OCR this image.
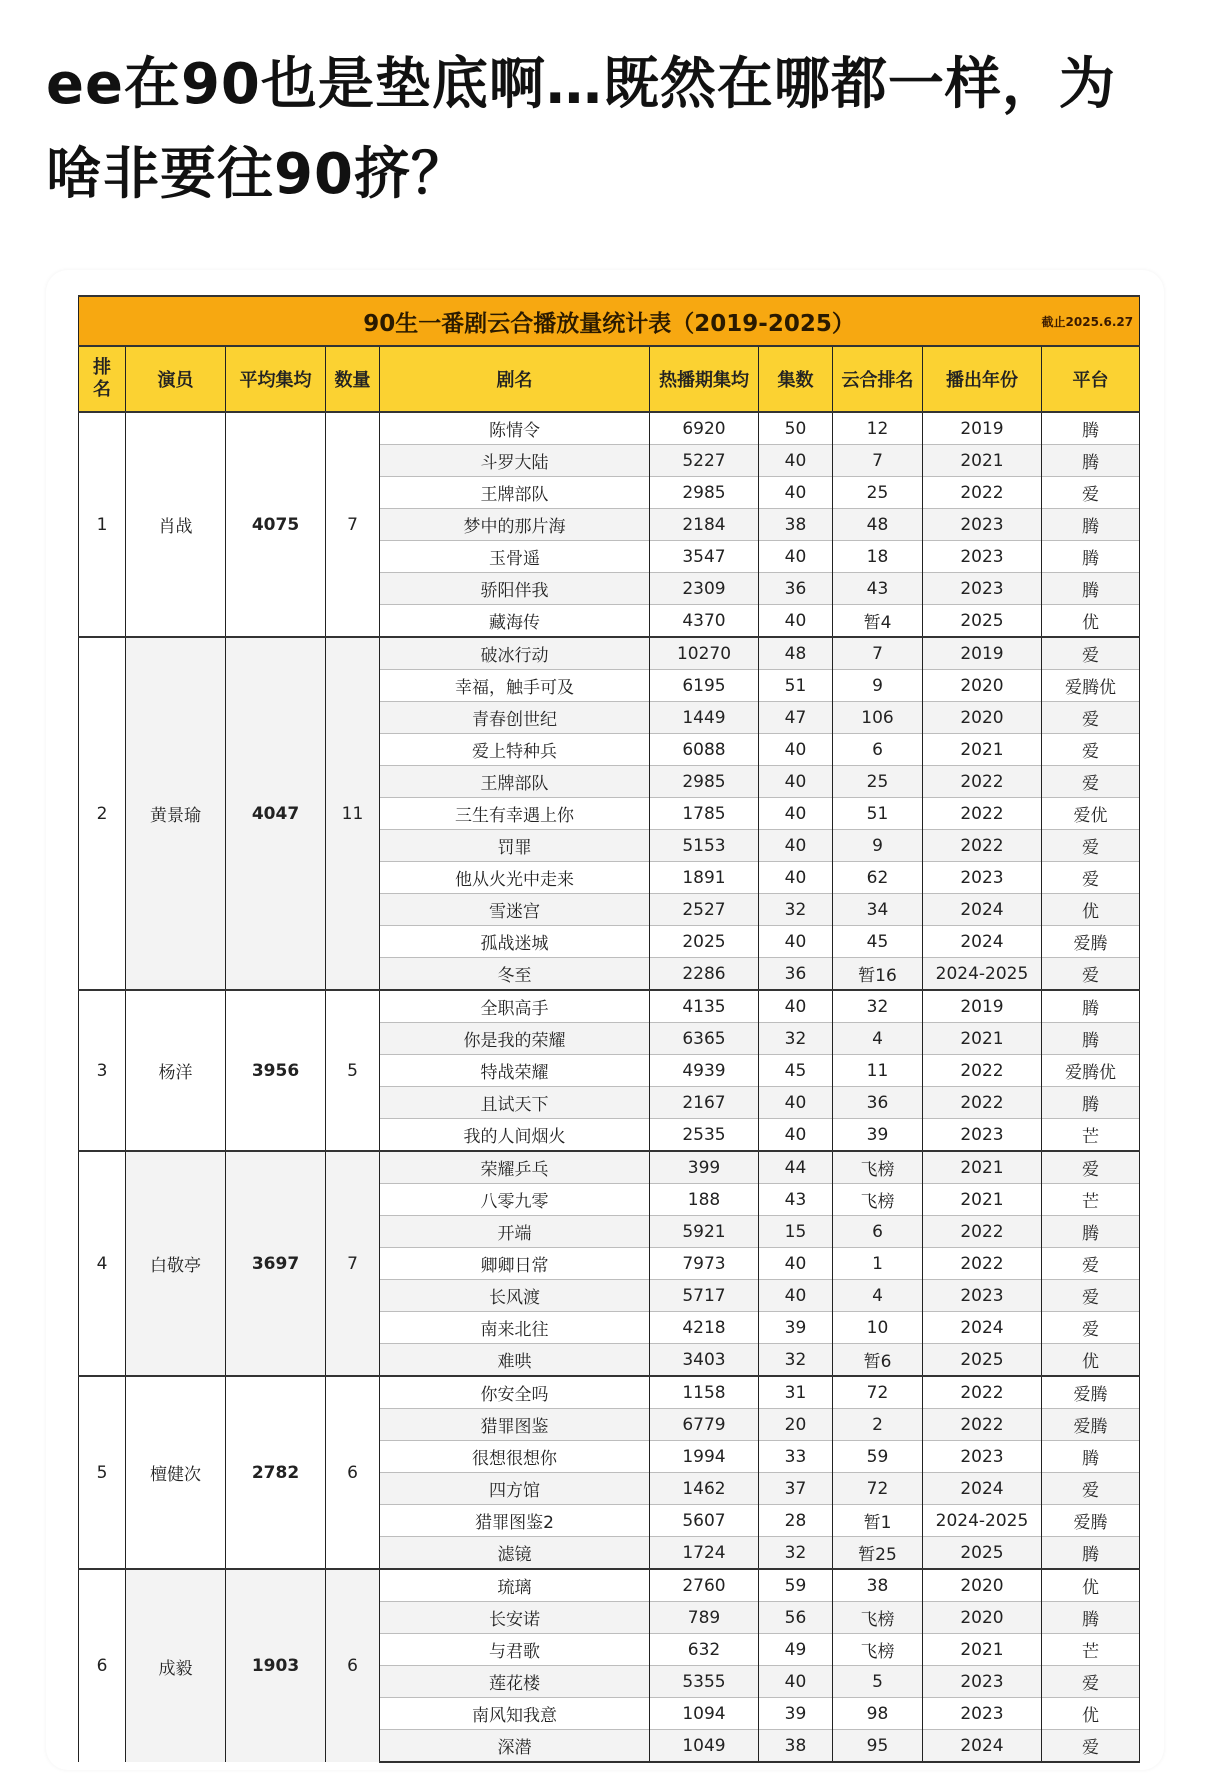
ee在90也是垫底啊…既然在哪都一样，为啥非要往90挤？
90生一番剧云合播放量统计表（2019-2025） 截止2025.6.27									

排
名	演员	平均集均	数量	剧名	热播期集均	集数	云合排名	播出年份	平台
1	肖战	4075	7	陈情令	6920	50	12	2019	腾
				斗罗大陆	5227	40	7	2021	腾
				王牌部队	2985	40	25	2022	爱
				梦中的那片海	2184	38	48	2023	腾
				玉骨遥	3547	40	18	2023	腾
				骄阳伴我	2309	36	43	2023	腾
				藏海传	4370	40	暂4	2025	优
2	黄景瑜	4047	11	破冰行动	10270	48	7	2019	爱
				幸福，触手可及	6195	51	9	2020	爱腾优
				青春创世纪	1449	47	106	2020	爱
				爱上特种兵	6088	40	6	2021	爱
				王牌部队	2985	40	25	2022	爱
				三生有幸遇上你	1785	40	51	2022	爱优
				罚罪	5153	40	9	2022	爱
				他从火光中走来	1891	40	62	2023	爱
				雪迷宫	2527	32	34	2024	优
				孤战迷城	2025	40	45	2024	爱腾
				冬至	2286	36	暂16	2024-2025	爱
3	杨洋	3956	5	全职高手	4135	40	32	2019	腾
				你是我的荣耀	6365	32	4	2021	腾
				特战荣耀	4939	45	11	2022	爱腾优
				且试天下	2167	40	36	2022	腾
				我的人间烟火	2535	40	39	2023	芒
4	白敬亭	3697	7	荣耀乒乓	399	44	飞榜	2021	爱
				八零九零	188	43	飞榜	2021	芒
				开端	5921	15	6	2022	腾
				卿卿日常	7973	40	1	2022	爱
				长风渡	5717	40	4	2023	爱
				南来北往	4218	39	10	2024	爱
				难哄	3403	32	暂6	2025	优
5	檀健次	2782	6	你安全吗	1158	31	72	2022	爱腾
				猎罪图鉴	6779	20	2	2022	爱腾
				很想很想你	1994	33	59	2023	腾
				四方馆	1462	37	72	2024	爱
				猎罪图鉴2	5607	28	暂1	2024-2025	爱腾
				滤镜	1724	32	暂25	2025	腾
6	成毅	1903	6	琉璃	2760	59	38	2020	优
				长安诺	789	56	飞榜	2020	腾
				与君歌	632	49	飞榜	2021	芒
				莲花楼	5355	40	5	2023	爱
				南风知我意	1094	39	98	2023	优
				深潜	1049	38	95	2024	爱
